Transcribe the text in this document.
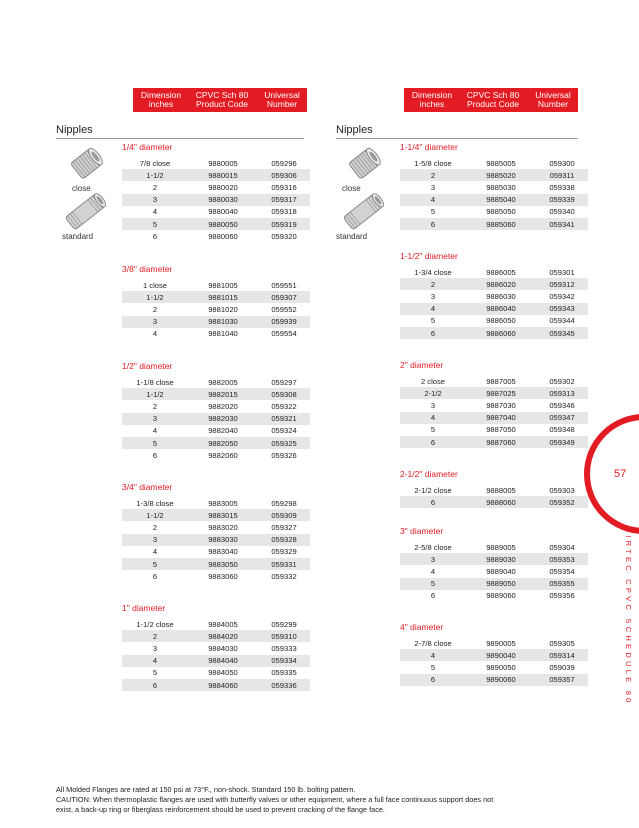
Dimension
inches
CPVC Sch 80
Product Code
Universal
Number
Dimension
inches
CPVC Sch 80
Product Code
Universal
Number
Nipples	Nipples
close
standard
close
standard
1/4" diameter
7/8 close	9880005	059296
1-1/2	9880015	059306
2	9880020	059316
3	9880030	059317
4	9880040	059318
5	9880050	059319
6	9880060	059320
3/8" diameter
1 close	9881005	059551
1-1/2	9881015	059307
2	9881020	059552
3	9881030	059939
4	9881040	059554
1/2" diameter
1-1/8 close	9882005	059297
1-1/2	9882015	059308
2	9882020	059322
3	9882030	059321
4	9882040	059324
5	9882050	059325
6	9882060	059326
3/4" diameter
1-3/8 close	9883005	059298
1-1/2	9883015	059309
2	9883020	059327
3	9883030	059328
4	9883040	059329
5	9883050	059331
6	9883060	059332
1" diameter
1-1/2 close	9884005	059299
2	9884020	059310
3	9884030	059333
4	9884040	059334
5	9884050	059335
6	9884060	059336
1-1/4" diameter
1-5/8 close	9885005	059300
2	9885020	059311
3	9885030	059338
4	9885040	059339
5	9885050	059340
6	9885060	059341
1-1/2" diameter
1-3/4 close	9886005	059301
2	9886020	059312
3	9886030	059342
4	9886040	059343
5	9886050	059344
6	9886060	059345
2" diameter
2 close	9887005	059302
2-1/2	9887025	059313
3	9887030	059346
4	9887040	059347
5	9887050	059348
6	9887060	059349
2-1/2" diameter
2-1/2 close	9888005	059303
6	9888060	059352
3" diameter
2-5/8 close	9889005	059304
3	9889030	059353
4	9889040	059354
5	9889050	059355
6	9889060	059356
4" diameter
2-7/8 close	9890005	059305
4	9890040	059314
5	9890050	059039
6	9890060	059357
57
XIRTEC CPVC SCHEDULE 80
All Molded Flanges are rated at 150 psi at 73°F., non-shock. Standard 150 lb. bolting pattern.
CAUTION: When thermoplastic flanges are used with butterfly valves or other equipment, where a full face continuous support does not
exist, a back-up ring or fiberglass reinforcement should be used to prevent cracking of the flange face.
